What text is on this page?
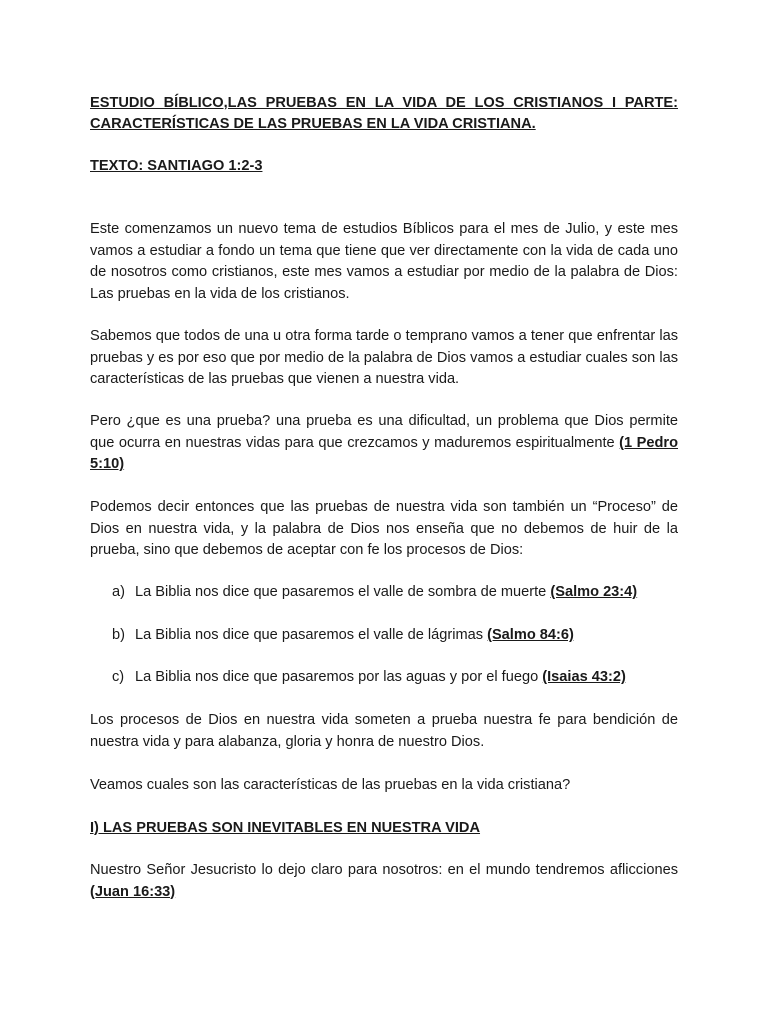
ESTUDIO BÍBLICO,LAS PRUEBAS EN LA VIDA DE LOS CRISTIANOS I PARTE:
CARACTERÍSTICAS DE LAS PRUEBAS EN LA VIDA CRISTIANA.

TEXTO: SANTIAGO 1:2-3

Este comenzamos un nuevo tema de estudios Bíblicos para el mes de Julio, y este mes vamos a estudiar a fondo un tema que tiene que ver directamente con la vida de cada uno de nosotros como cristianos, este mes vamos a estudiar por medio de la palabra de Dios: Las pruebas en la vida de los cristianos.

Sabemos que todos de una u otra forma tarde o temprano vamos a tener que enfrentar las pruebas y es por eso que por medio de la palabra de Dios vamos a estudiar cuales son las características de las pruebas que vienen a nuestra vida.

Pero ¿que es una prueba? una prueba es una dificultad, un problema que Dios permite que ocurra en nuestras vidas para que crezcamos y maduremos espiritualmente (1 Pedro 5:10)

Podemos decir entonces que las pruebas de nuestra vida son también un “Proceso” de Dios en nuestra vida, y la palabra de Dios nos enseña que no debemos de huir de la prueba, sino que debemos de aceptar con fe los procesos de Dios:

a) La Biblia nos dice que pasaremos el valle de sombra de muerte (Salmo 23:4)

b) La Biblia nos dice que pasaremos el valle de lágrimas (Salmo 84:6)

c) La Biblia nos dice que pasaremos por las aguas y por el fuego (Isaias 43:2)

Los procesos de Dios en nuestra vida someten a prueba nuestra fe para bendición de nuestra vida y para alabanza, gloria y honra de nuestro Dios.

Veamos cuales son las características de las pruebas en la vida cristiana?

I) LAS PRUEBAS SON INEVITABLES EN NUESTRA VIDA

Nuestro Señor Jesucristo lo dejo claro para nosotros: en el mundo tendremos aflicciones (Juan 16:33)
